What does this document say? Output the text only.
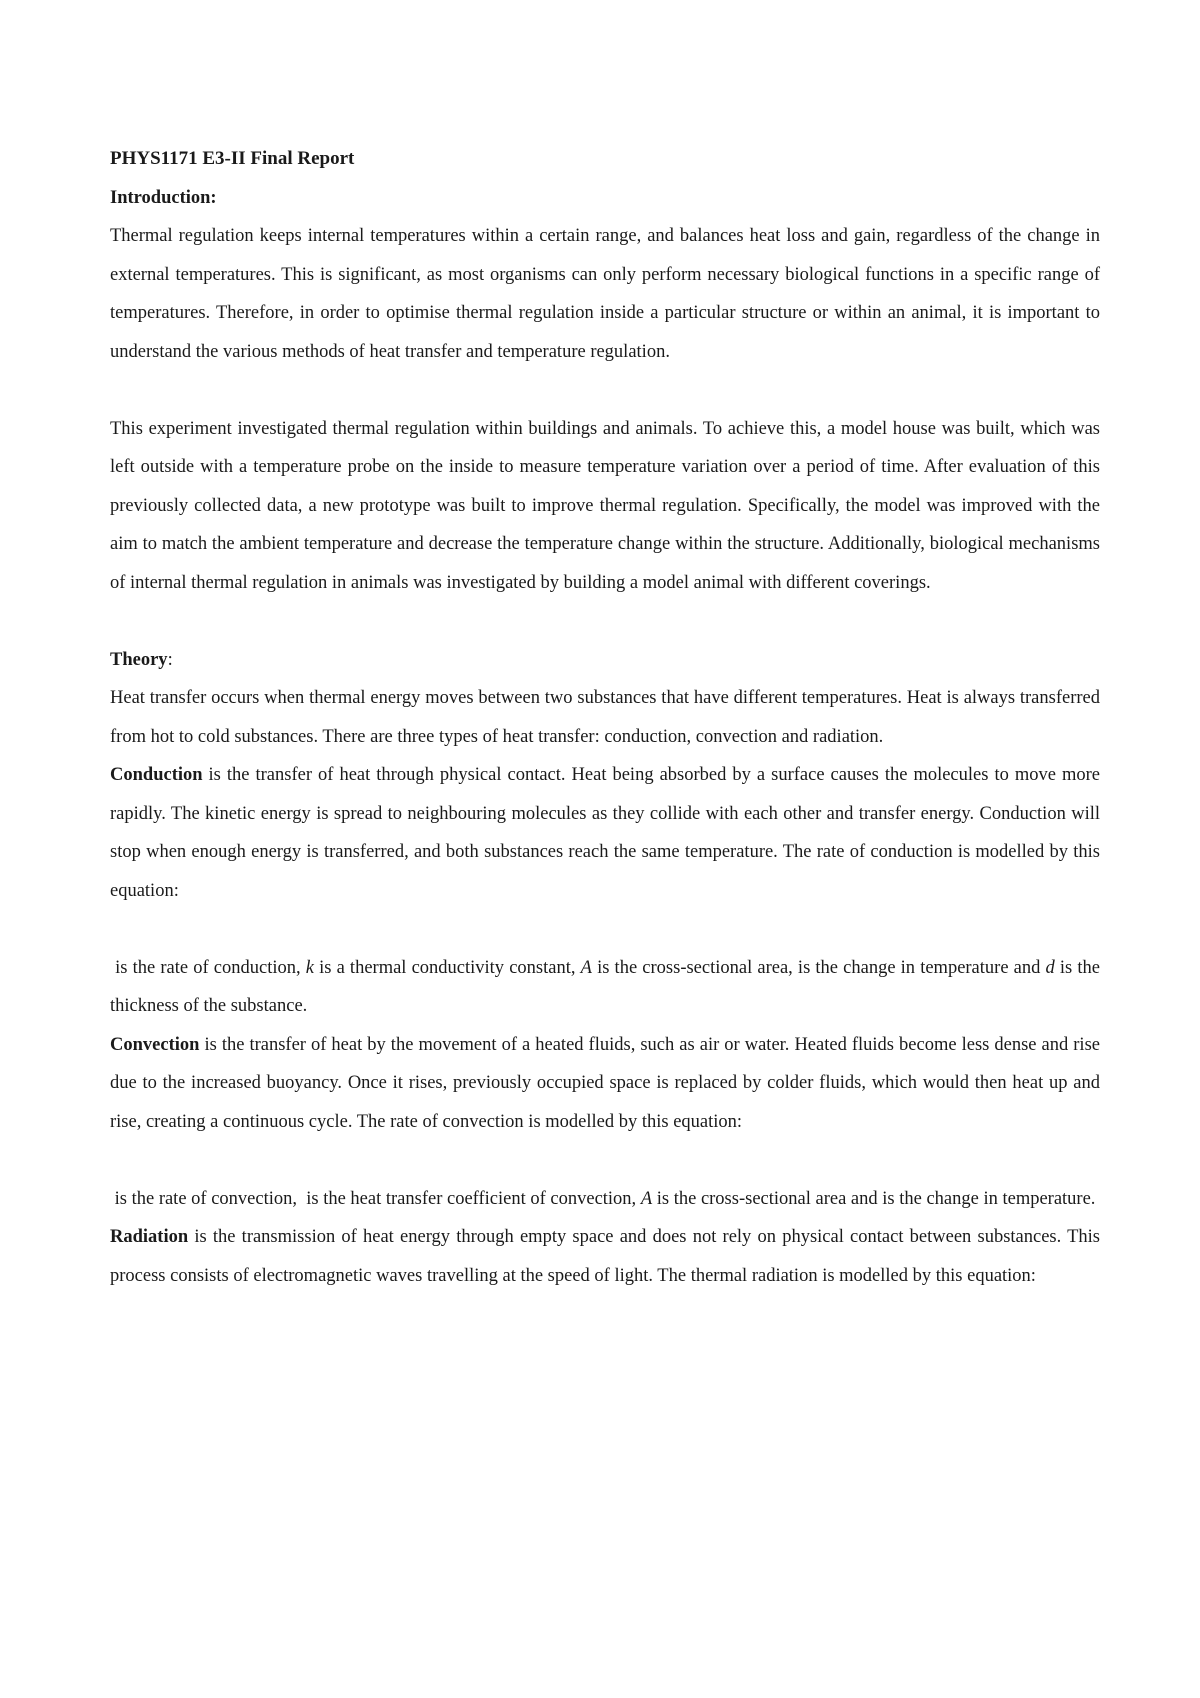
PHYS1171 E3-II Final Report

Introduction:

Thermal regulation keeps internal temperatures within a certain range, and balances heat loss and gain, regardless of the change in external temperatures. This is significant, as most organisms can only perform necessary biological functions in a specific range of temperatures. Therefore, in order to optimise thermal regulation inside a particular structure or within an animal, it is important to understand the various methods of heat transfer and temperature regulation.

This experiment investigated thermal regulation within buildings and animals. To achieve this, a model house was built, which was left outside with a temperature probe on the inside to measure temperature variation over a period of time. After evaluation of this previously collected data, a new prototype was built to improve thermal regulation. Specifically, the model was improved with the aim to match the ambient temperature and decrease the temperature change within the structure. Additionally, biological mechanisms of internal thermal regulation in animals was investigated by building a model animal with different coverings.

Theory:

Heat transfer occurs when thermal energy moves between two substances that have different temperatures. Heat is always transferred from hot to cold substances. There are three types of heat transfer: conduction, convection and radiation.

Conduction is the transfer of heat through physical contact. Heat being absorbed by a surface causes the molecules to move more rapidly. The kinetic energy is spread to neighbouring molecules as they collide with each other and transfer energy. Conduction will stop when enough energy is transferred, and both substances reach the same temperature. The rate of conduction is modelled by this equation:

is the rate of conduction, k is a thermal conductivity constant, A is the cross-sectional area, is the change in temperature and d is the thickness of the substance.

Convection is the transfer of heat by the movement of a heated fluids, such as air or water. Heated fluids become less dense and rise due to the increased buoyancy. Once it rises, previously occupied space is replaced by colder fluids, which would then heat up and rise, creating a continuous cycle. The rate of convection is modelled by this equation:

is the rate of convection,  is the heat transfer coefficient of convection, A is the cross-sectional area and is the change in temperature.

Radiation is the transmission of heat energy through empty space and does not rely on physical contact between substances. This process consists of electromagnetic waves travelling at the speed of light. The thermal radiation is modelled by this equation:
